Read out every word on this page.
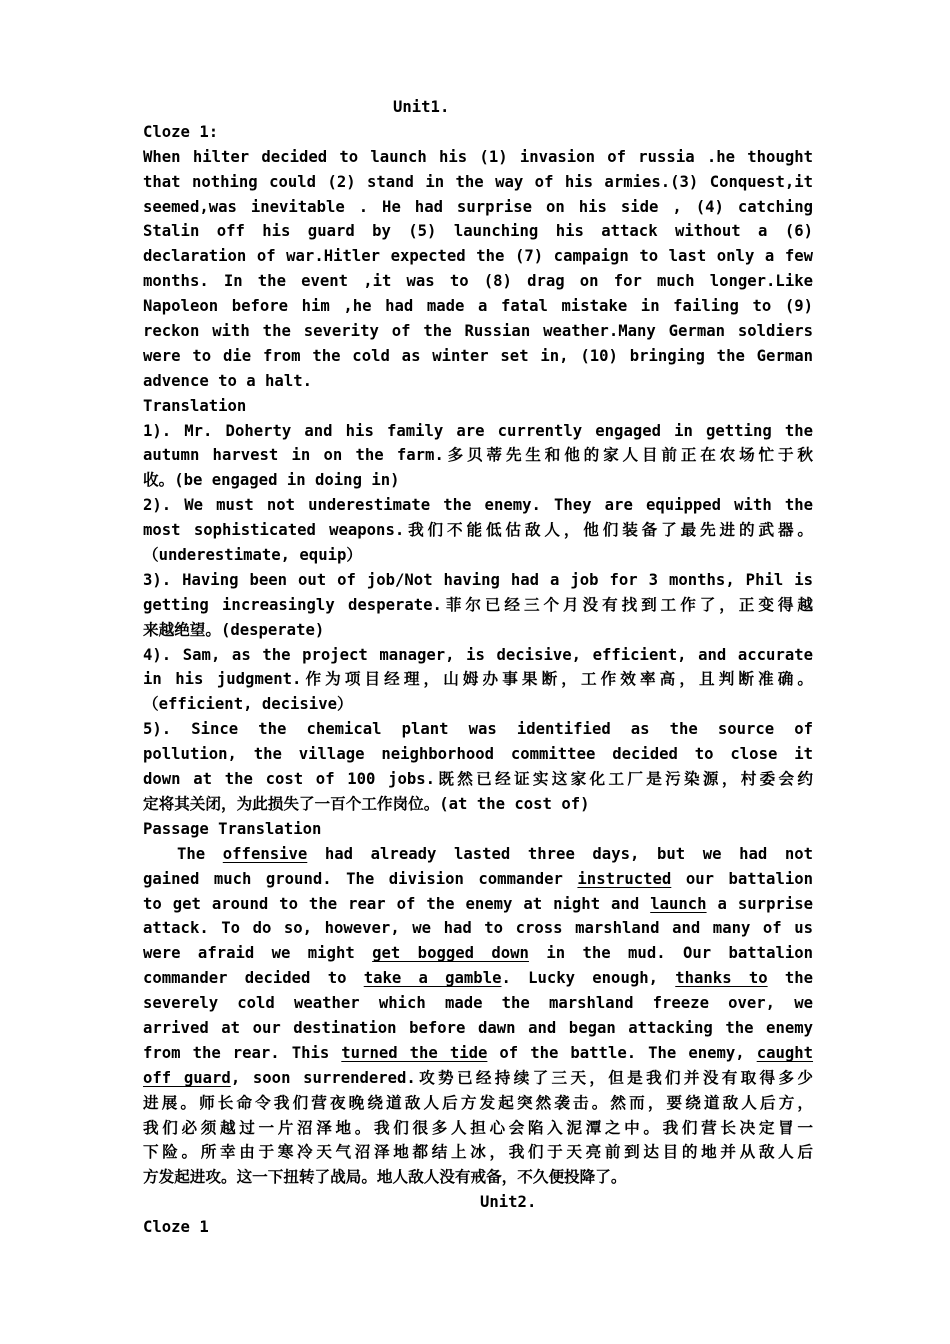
Unit1.
Cloze 1:
When hilter decided to launch his (1) invasion of russia .he thought
that nothing could (2) stand in the way of his armies.(3) Conquest,it
seemed,was inevitable . He had surprise on his side , (4) catching
Stalin off his guard by (5) launching his attack without a (6)
declaration of war.Hitler expected the (7) campaign to last only a few
months. In the event ,it was to (8) drag on for much longer.Like
Napoleon before him ,he had made a fatal mistake in failing to (9)
reckon with the severity of the Russian weather.Many German soldiers
were to die from the cold as winter set in, (10) bringing the German
advence to a halt.
Translation
1). Mr. Doherty and his family are currently engaged in getting the
autumn harvest in on the farm.多贝蒂先生和他的家人目前正在农场忙于秋
收。(be engaged in doing in)
2). We must not underestimate the enemy. They are equipped with the
most sophisticated weapons.我们不能低估敌人，他们装备了最先进的武器。
（underestimate, equip）
3). Having been out of job/Not having had a job for 3 months, Phil is
getting increasingly desperate.菲尔已经三个月没有找到工作了，正变得越
来越绝望。(desperate)
4). Sam, as the project manager, is decisive, efficient, and accurate
in his judgment.作为项目经理，山姆办事果断，工作效率高，且判断准确。
（efficient, decisive）
5). Since the chemical plant was identified as the source of
pollution, the village neighborhood committee decided to close it
down at the cost of 100 jobs.既然已经证实这家化工厂是污染源，村委会约
定将其关闭，为此损失了一百个工作岗位。(at the cost of)
Passage Translation
The offensive had already lasted three days, but we had not
gained much ground. The division commander instructed our battalion
to get around to the rear of the enemy at night and launch a surprise
attack. To do so, however, we had to cross marshland and many of us
were afraid we might get bogged down in the mud. Our battalion
commander decided to take a gamble. Lucky enough, thanks to the
severely cold weather which made the marshland freeze over, we
arrived at our destination before dawn and began attacking the enemy
from the rear. This turned the tide of the battle. The enemy, caught
off guard, soon surrendered.攻势已经持续了三天，但是我们并没有取得多少
进展。师长命令我们营夜晚绕道敌人后方发起突然袭击。然而，要绕道敌人后方，
我们必须越过一片沼泽地。我们很多人担心会陷入泥潭之中。我们营长决定冒一
下险。所幸由于寒冷天气沼泽地都结上冰，我们于天亮前到达目的地并从敌人后
方发起进攻。这一下扭转了战局。地人敌人没有戒备，不久便投降了。
Unit2.
Cloze 1
